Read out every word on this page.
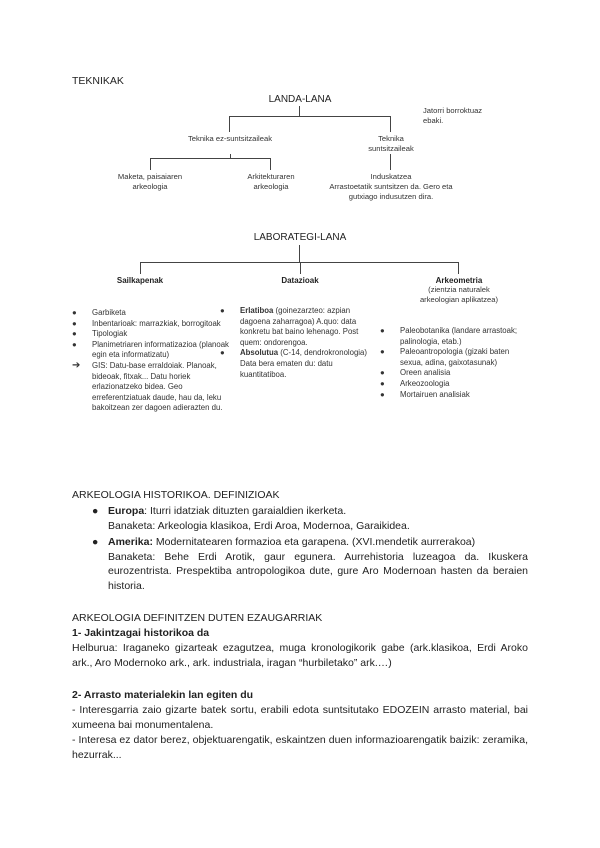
TEKNIKAK
LANDA-LANA
Jatorri borroktuaz ebaki.
Teknika ez-suntsitzaileak	Teknika suntsitzaileak
Maketa, paisaiaren arkeologia
Arkitekturaren arkeologia
Induskatzea
Arrastoetatik suntsitzen da. Gero eta gutxiago indusutzen dira.
LABORATEGI-LANA
Sailkapenak	Datazioak	Arkeometria
(zientzia naturalek
arkeologian aplikatzea)
● Garbiketa
● Inbentarioak: marrazkiak, borrogitoak
● Tipologiak
● Planimetriaren informatizazioa (planoak egin eta informatizatu)
➔ GIS: Datu-base erraldoiak. Planoak, bideoak, fitxak... Datu horiek erlazionatzeko bidea. Geo erreferentziatuak daude, hau da, leku bakoitzean zer dagoen adierazten du.
● Erlatiboa (goinezarzteo: azpian dagoena zaharragoa) A.quo: data konkretu bat baino lehenago. Post quem: ondorengoa.
● Absolutua (C-14, dendrokronologia) Data bera ematen du: datu kuantitatiboa.
● Paleobotanika (landare arrastoak; palinologia, etab.)
● Paleoantropologia (gizaki baten sexua, adina, gaixotasunak)
● Oreen analisia
● Arkeozoologia
● Mortairuen analisiak
ARKEOLOGIA HISTORIKOA. DEFINIZIOAK
● Europa: Iturri idatziak dituzten garaialdien ikerketa.
Banaketa: Arkeologia klasikoa, Erdi Aroa, Modernoa, Garaikidea.
● Amerika: Modernitatearen formazioa eta garapena. (XVI.mendetik aurrerakoa)
Banaketa: Behe Erdi Arotik, gaur egunera. Aurrehistoria luzeagoa da. Ikuskera eurozentrista. Prespektiba antropologikoa dute, gure Aro Modernoan hasten da beraien historia.
ARKEOLOGIA DEFINITZEN DUTEN EZAUGARRIAK
1- Jakintzagai historikoa da
Helburua: Iraganeko gizarteak ezagutzea, muga kronologikorik gabe (ark.klasikoa, Erdi Aroko ark., Aro Modernoko ark., ark. industriala, iragan “hurbiletako” ark.…)
2- Arrasto materialekin lan egiten du
- Interesgarria zaio gizarte batek sortu, erabili edota suntsitutako EDOZEIN arrasto material, bai xumeena bai monumentalena.
- Interesa ez dator berez, objektuarengatik, eskaintzen duen informazioarengatik baizik: zeramika, hezurrak...
